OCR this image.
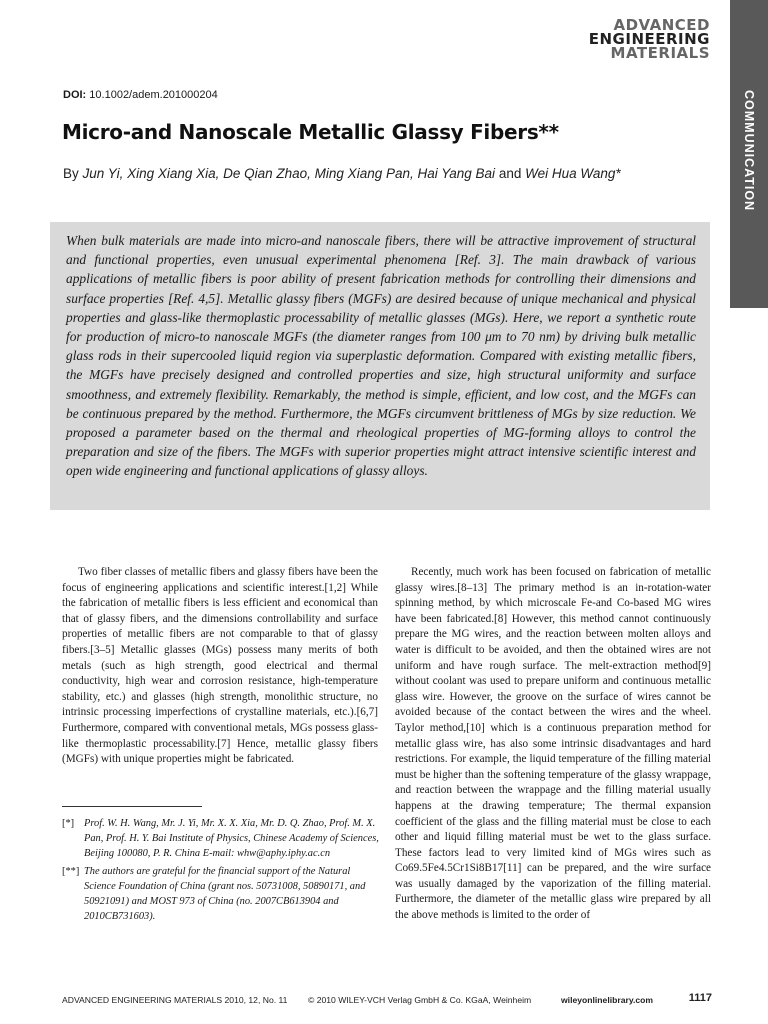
ADVANCED
ENGINEERING
MATERIALS
COMMUNICATION
DOI: 10.1002/adem.201000204
Micro-and Nanoscale Metallic Glassy Fibers**
By Jun Yi, Xing Xiang Xia, De Qian Zhao, Ming Xiang Pan, Hai Yang Bai and Wei Hua Wang*
When bulk materials are made into micro-and nanoscale fibers, there will be attractive improvement of structural and functional properties, even unusual experimental phenomena [Ref. 3]. The main drawback of various applications of metallic fibers is poor ability of present fabrication methods for controlling their dimensions and surface properties [Ref. 4,5]. Metallic glassy fibers (MGFs) are desired because of unique mechanical and physical properties and glass-like thermoplastic processability of metallic glasses (MGs). Here, we report a synthetic route for production of micro-to nanoscale MGFs (the diameter ranges from 100 μm to 70 nm) by driving bulk metallic glass rods in their supercooled liquid region via superplastic deformation. Compared with existing metallic fibers, the MGFs have precisely designed and controlled properties and size, high structural uniformity and surface smoothness, and extremely flexibility. Remarkably, the method is simple, efficient, and low cost, and the MGFs can be continuous prepared by the method. Furthermore, the MGFs circumvent brittleness of MGs by size reduction. We proposed a parameter based on the thermal and rheological properties of MG-forming alloys to control the preparation and size of the fibers. The MGFs with superior properties might attract intensive scientific interest and open wide engineering and functional applications of glassy alloys.

Two fiber classes of metallic fibers and glassy fibers have been the focus of engineering applications and scientific interest.[1,2] While the fabrication of metallic fibers is less efficient and economical than that of glassy fibers, and the dimensions controllability and surface properties of metallic fibers are not comparable to that of glassy fibers.[3–5] Metallic glasses (MGs) possess many merits of both metals (such as high strength, good electrical and thermal conductivity, high wear and corrosion resistance, high-temperature stability, etc.) and glasses (high strength, monolithic structure, no intrinsic processing imperfections of crystalline materials, etc.).[6,7] Furthermore, compared with conventional metals, MGs possess glass-like thermoplastic processability.[7] Hence, metallic glassy fibers (MGFs) with unique properties might be fabricated.

[*] Prof. W. H. Wang, Mr. J. Yi, Mr. X. X. Xia, Mr. D. Q. Zhao, Prof. M. X. Pan, Prof. H. Y. Bai Institute of Physics, Chinese Academy of Sciences, Beijing 100080, P. R. China E-mail: whw@aphy.iphy.ac.cn
[**] The authors are grateful for the financial support of the Natural Science Foundation of China (grant nos. 50731008, 50890171, and 50921091) and MOST 973 of China (no. 2007CB613904 and 2010CB731603).

Recently, much work has been focused on fabrication of metallic glassy wires.[8–13] The primary method is an in-rotation-water spinning method, by which microscale Fe-and Co-based MG wires have been fabricated.[8] However, this method cannot continuously prepare the MG wires, and the reaction between molten alloys and water is difficult to be avoided, and then the obtained wires are not uniform and have rough surface. The melt-extraction method[9] without coolant was used to prepare uniform and continuous metallic glass wire. However, the groove on the surface of wires cannot be avoided because of the contact between the wires and the wheel. Taylor method,[10] which is a continuous preparation method for metallic glass wire, has also some intrinsic disadvantages and hard restrictions. For example, the liquid temperature of the filling material must be higher than the softening temperature of the glassy wrappage, and reaction between the wrappage and the filling material usually happens at the drawing temperature; The thermal expansion coefficient of the glass and the filling material must be close to each other and liquid filling material must be wet to the glass surface. These factors lead to very limited kind of MGs wires such as Co69.5Fe4.5Cr1Si8B17[11] can be prepared, and the wire surface was usually damaged by the vaporization of the filling material. Furthermore, the diameter of the metallic glass wire prepared by all the above methods is limited to the order of

ADVANCED ENGINEERING MATERIALS 2010, 12, No. 11 © 2010 WILEY-VCH Verlag GmbH & Co. KGaA, Weinheim	wileyonlinelibrary.com	1117
